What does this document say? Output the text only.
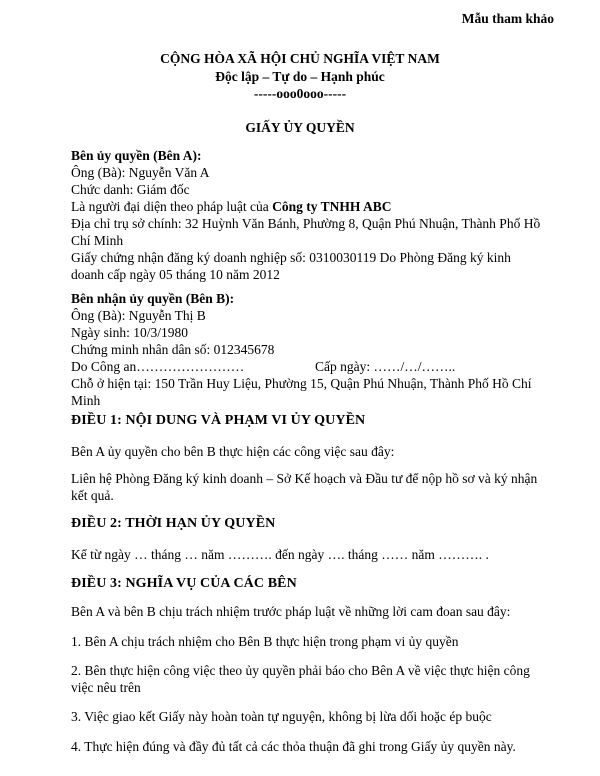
Mẫu tham khảo
CỘNG HÒA XÃ HỘI CHỦ NGHĨA VIỆT NAM
Độc lập – Tự do – Hạnh phúc
-----ooo0ooo-----
GIẤY ỦY QUYỀN
Bên ủy quyền (Bên A):
Ông (Bà): Nguyễn Văn A
Chức danh: Giám đốc
Là người đại diện theo pháp luật của Công ty TNHH ABC
Địa chỉ trụ sở chính: 32 Huỳnh Văn Bánh, Phường 8, Quận Phú Nhuận, Thành Phố Hồ
Chí Minh
Giấy chứng nhận đăng ký doanh nghiệp số: 0310030119 Do Phòng Đăng ký kinh
doanh cấp ngày 05 tháng 10 năm 2012
Bên nhận ủy quyền (Bên B):
Ông (Bà): Nguyễn Thị B
Ngày sinh: 10/3/1980
Chứng minh nhân dân số: 012345678
Do Công an……………………	Cấp ngày: ……/…/……..
Chỗ ở hiện tại: 150 Trần Huy Liệu, Phường 15, Quận Phú Nhuận, Thành Phố Hồ Chí
Minh
ĐIỀU 1: NỘI DUNG VÀ PHẠM VI ỦY QUYỀN
Bên A ủy quyền cho bên B thực hiện các công việc sau đây:
Liên hệ Phòng Đăng ký kinh doanh – Sở Kế hoạch và Đầu tư để nộp hồ sơ và ký nhận
kết quả.
ĐIỀU 2: THỜI HẠN ỦY QUYỀN
Kể từ ngày … tháng … năm ………. đến ngày …. tháng …… năm ………. .
ĐIỀU 3: NGHĨA VỤ CỦA CÁC BÊN
Bên A và bên B chịu trách nhiệm trước pháp luật về những lời cam đoan sau đây:
1. Bên A chịu trách nhiệm cho Bên B thực hiện trong phạm vi ủy quyền
2. Bên thực hiện công việc theo ủy quyền phải báo cho Bên A về việc thực hiện công
việc nêu trên
3. Việc giao kết Giấy này hoàn toàn tự nguyện, không bị lừa dối hoặc ép buộc
4. Thực hiện đúng và đầy đủ tất cả các thỏa thuận đã ghi trong Giấy ủy quyền này.
